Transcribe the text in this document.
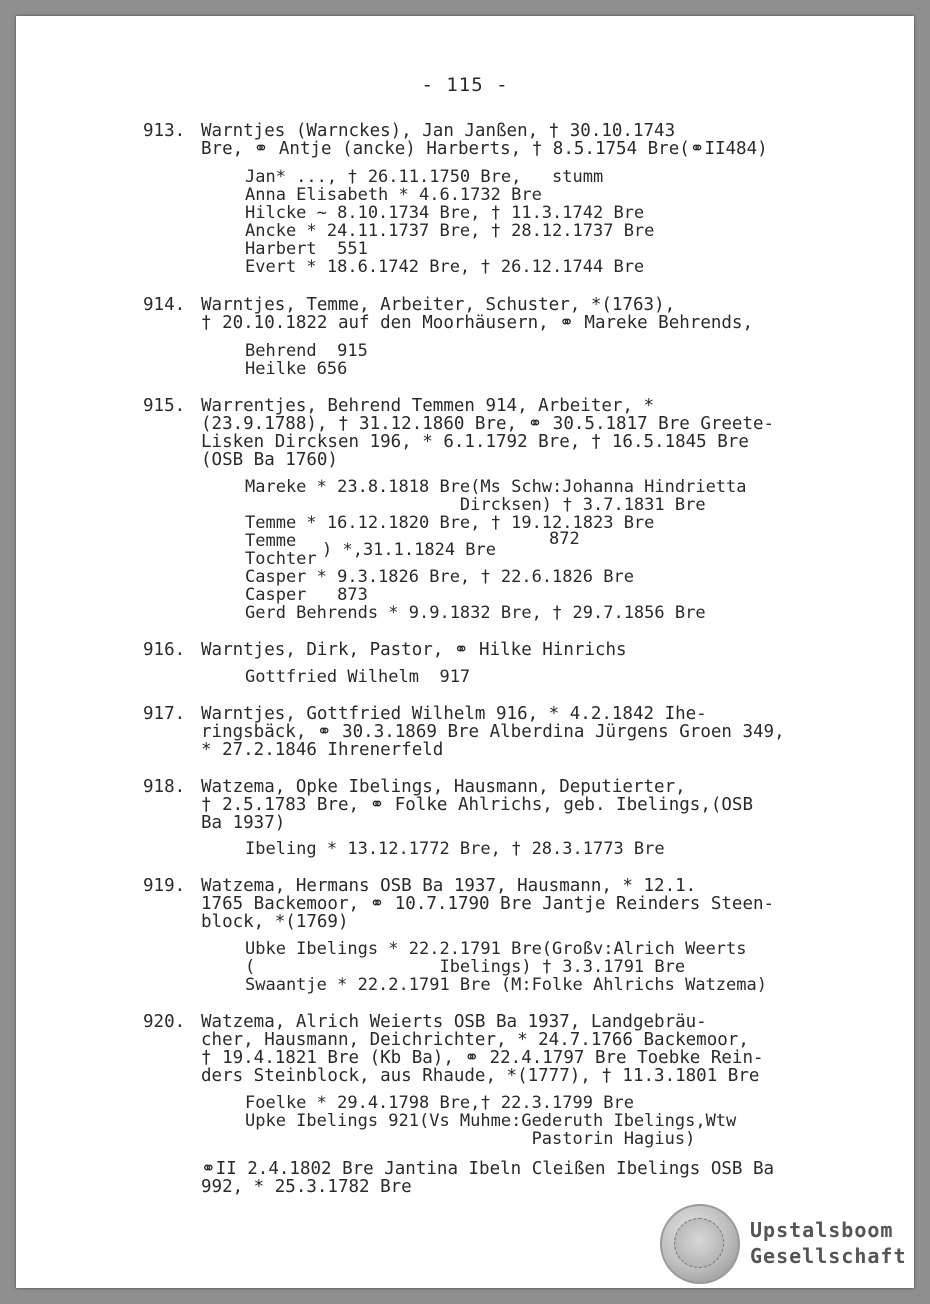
- 115 -
913. Warntjes (Warnckes), Jan Janßen, † 30.10.1743
Bre, ⚭ Antje (ancke) Harberts, † 8.5.1754 Bre(⚭II484)
Jan* ..., † 26.11.1750 Bre,   stumm
Anna Elisabeth * 4.6.1732 Bre
Hilcke ~ 8.10.1734 Bre, † 11.3.1742 Bre
Ancke * 24.11.1737 Bre, † 28.12.1737 Bre
Harbert  551
Evert * 18.6.1742 Bre, † 26.12.1744 Bre
914. Warntjes, Temme, Arbeiter, Schuster, *(1763),
† 20.10.1822 auf den Moorhäusern, ⚭ Mareke Behrends,
Behrend  915
Heilke 656
915. Warrentjes, Behrend Temmen 914, Arbeiter, *
(23.9.1788), † 31.12.1860 Bre, ⚭ 30.5.1817 Bre Greete-
Lisken Dircksen 196, * 6.1.1792 Bre, † 16.5.1845 Bre
(OSB Ba 1760)
Mareke * 23.8.1818 Bre(Ms Schw:Johanna Hindrietta
Dircksen) † 3.7.1831 Bre
Temme * 16.12.1820 Bre, † 19.12.1823 Bre
Temme
Tochter ) *,31.1.1824 Bre
872
Casper * 9.3.1826 Bre, † 22.6.1826 Bre
Casper   873
Gerd Behrends * 9.9.1832 Bre, † 29.7.1856 Bre
916. Warntjes, Dirk, Pastor, ⚭ Hilke Hinrichs
Gottfried Wilhelm  917
917. Warntjes, Gottfried Wilhelm 916, * 4.2.1842 Ihe-
ringsbäck, ⚭ 30.3.1869 Bre Alberdina Jürgens Groen 349,
* 27.2.1846 Ihrenerfeld
918. Watzema, Opke Ibelings, Hausmann, Deputierter,
† 2.5.1783 Bre, ⚭ Folke Ahlrichs, geb. Ibelings,(OSB
Ba 1937)
Ibeling * 13.12.1772 Bre, † 28.3.1773 Bre
919. Watzema, Hermans OSB Ba 1937, Hausmann, * 12.1.
1765 Backemoor, ⚭ 10.7.1790 Bre Jantje Reinders Steen-
block, *(1769)
Ubke Ibelings * 22.2.1791 Bre(Großv:Alrich Weerts
(                  Ibelings) † 3.3.1791 Bre
Swaantje * 22.2.1791 Bre (M:Folke Ahlrichs Watzema)
920. Watzema, Alrich Weierts OSB Ba 1937, Landgebräu-
cher, Hausmann, Deichrichter, * 24.7.1766 Backemoor,
† 19.4.1821 Bre (Kb Ba), ⚭ 22.4.1797 Bre Toebke Rein-
ders Steinblock, aus Rhaude, *(1777), † 11.3.1801 Bre
Foelke * 29.4.1798 Bre,† 22.3.1799 Bre
Upke Ibelings 921(Vs Muhme:Gederuth Ibelings,Wtw
Pastorin Hagius)
⚭II 2.4.1802 Bre Jantina Ibeln Cleißen Ibelings OSB Ba
992, * 25.3.1782 Bre
Upstalsboom
Gesellschaft
